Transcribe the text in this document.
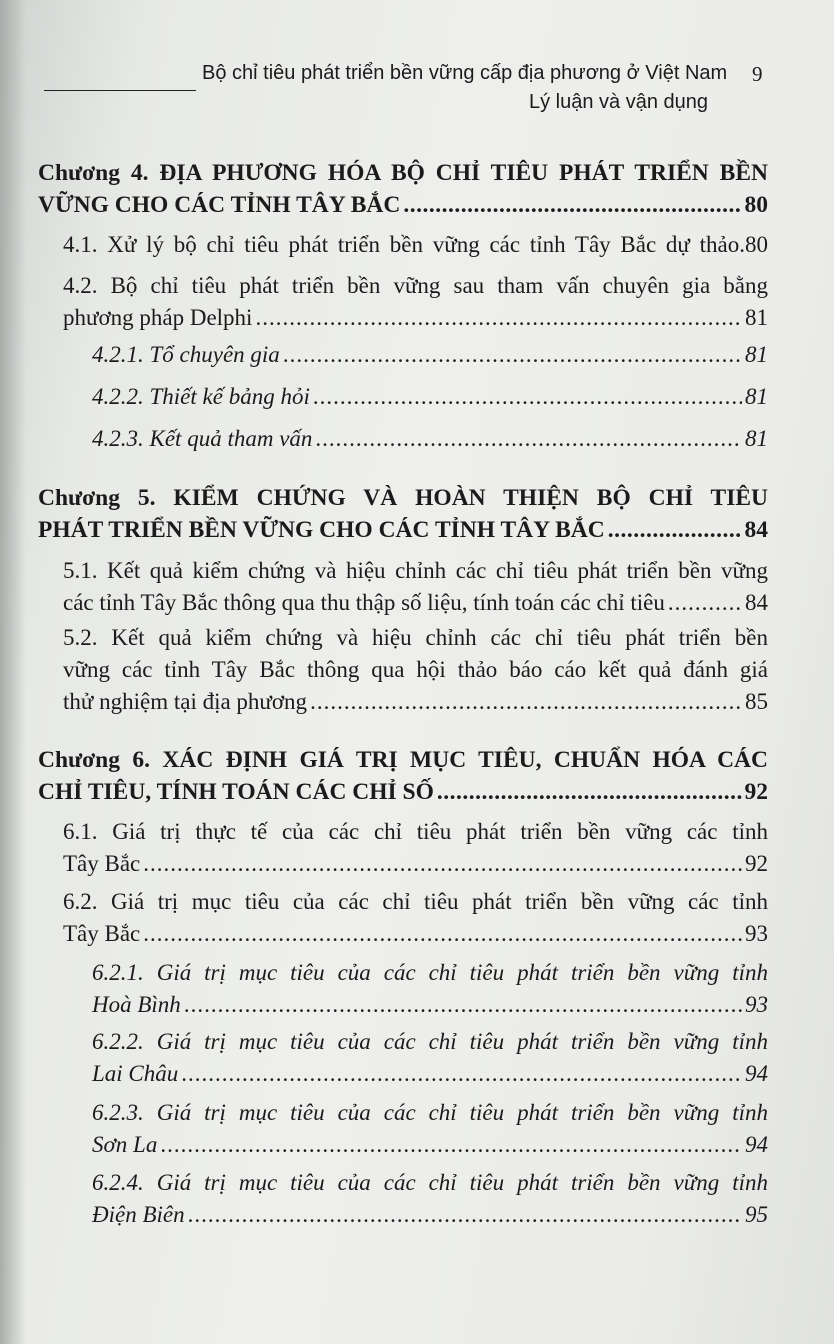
Bộ chỉ tiêu phát triển bền vững cấp địa phương ở Việt Nam
Lý luận và vận dụng
9
Chương 4. ĐỊA PHƯƠNG HÓA BỘ CHỈ TIÊU PHÁT TRIỂN BỀN
VỮNG CHO CÁC TỈNH TÂY BẮC .....	80
4.1. Xử lý bộ chỉ tiêu phát triển bền vững các tỉnh Tây Bắc dự thảo.80
4.2. Bộ chỉ tiêu phát triển bền vững sau tham vấn chuyên gia bằng
phương pháp Delphi .....	81
4.2.1. Tổ chuyên gia .....	81
4.2.2. Thiết kế bảng hỏi .....	81
4.2.3. Kết quả tham vấn .....	81
Chương 5. KIỂM CHỨNG VÀ HOÀN THIỆN BỘ CHỈ TIÊU
PHÁT TRIỂN BỀN VỮNG CHO CÁC TỈNH TÂY BẮC .....	84
5.1. Kết quả kiểm chứng và hiệu chỉnh các chỉ tiêu phát triển bền vững
các tỉnh Tây Bắc thông qua thu thập số liệu, tính toán các chỉ tiêu .....	84
5.2. Kết quả kiểm chứng và hiệu chỉnh các chỉ tiêu phát triển bền
vững các tỉnh Tây Bắc thông qua hội thảo báo cáo kết quả đánh giá
thử nghiệm tại địa phương .....	85
Chương 6. XÁC ĐỊNH GIÁ TRỊ MỤC TIÊU, CHUẨN HÓA CÁC
CHỈ TIÊU, TÍNH TOÁN CÁC CHỈ SỐ .....	92
6.1. Giá trị thực tế của các chỉ tiêu phát triển bền vững các tỉnh
Tây Bắc .....	92
6.2. Giá trị mục tiêu của các chỉ tiêu phát triển bền vững các tỉnh
Tây Bắc .....	93
6.2.1. Giá trị mục tiêu của các chỉ tiêu phát triển bền vững tỉnh
Hoà Bình .....	93
6.2.2. Giá trị mục tiêu của các chỉ tiêu phát triển bền vững tỉnh
Lai Châu .....	94
6.2.3. Giá trị mục tiêu của các chỉ tiêu phát triển bền vững tỉnh
Sơn La .....	94
6.2.4. Giá trị mục tiêu của các chỉ tiêu phát triển bền vững tỉnh
Điện Biên .....	95
